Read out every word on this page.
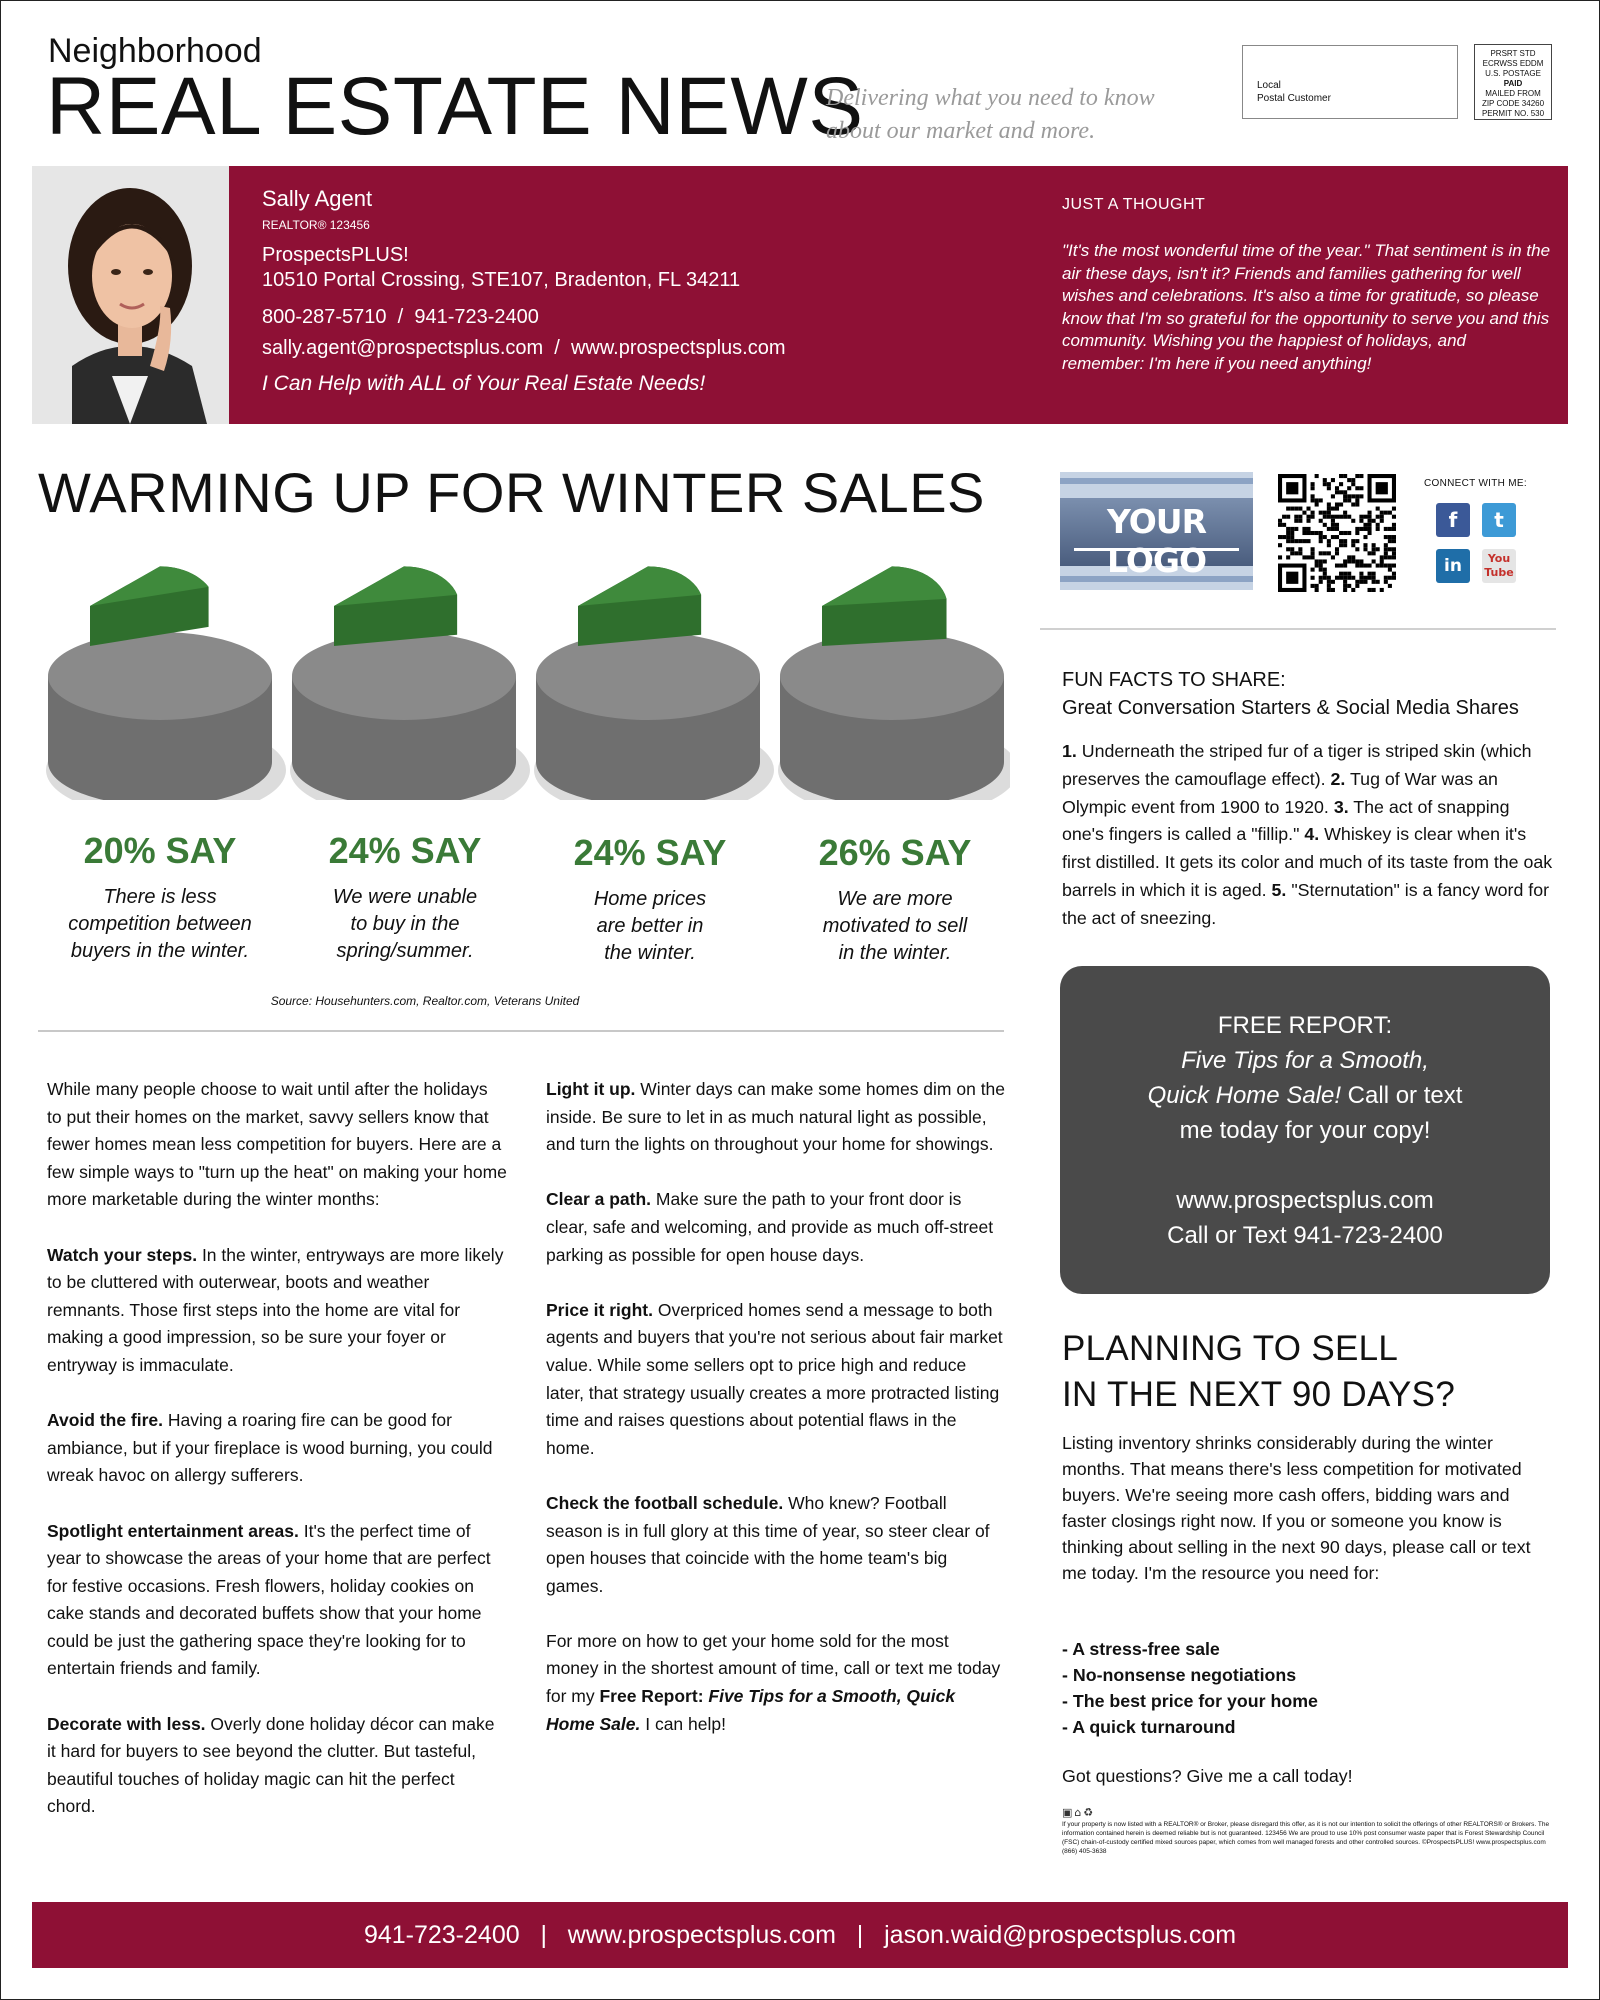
Neighborhood
REAL ESTATE NEWS
Delivering what you need to know
about our market and more.
Local
Postal Customer
PRSRT STD
ECRWSS EDDM
U.S. POSTAGE
PAID
MAILED FROM
ZIP CODE 34260
PERMIT NO. 530
Sally Agent
REALTOR® 123456
ProspectsPLUS!
10510 Portal Crossing, STE107, Bradenton, FL 34211
800-287-5710  /  941-723-2400
sally.agent@prospectsplus.com  /  www.prospectsplus.com
I Can Help with ALL of Your Real Estate Needs!
JUST A THOUGHT
"It's the most wonderful time of the year." That sentiment is in the air these days, isn't it? Friends and families gathering for well wishes and celebrations. It's also a time for gratitude, so please know that I'm so grateful for the opportunity to serve you and this community. Wishing you the happiest of holidays, and remember: I'm here if you need anything!
WARMING UP FOR WINTER SALES
20% SAY	24% SAY	24% SAY	26% SAY
There is less
competition between
buyers in the winter.
We were unable
to buy in the
spring/summer.
Home prices
are better in
the winter.
We are more
motivated to sell
in the winter.
Source: Househunters.com, Realtor.com, Veterans United

While many people choose to wait until after the holidays to put their homes on the market, savvy sellers know that fewer homes mean less competition for buyers. Here are a few simple ways to "turn up the heat" on making your home more marketable during the winter months:

Watch your steps. In the winter, entryways are more likely to be cluttered with outerwear, boots and weather remnants. Those first steps into the home are vital for making a good impression, so be sure your foyer or entryway is immaculate.

Avoid the fire. Having a roaring fire can be good for ambiance, but if your fireplace is wood burning, you could wreak havoc on allergy sufferers.

Spotlight entertainment areas. It's the perfect time of year to showcase the areas of your home that are perfect for festive occasions. Fresh flowers, holiday cookies on cake stands and decorated buffets show that your home could be just the gathering space they're looking for to entertain friends and family.

Decorate with less. Overly done holiday décor can make it hard for buyers to see beyond the clutter. But tasteful, beautiful touches of holiday magic can hit the perfect chord.

Light it up. Winter days can make some homes dim on the inside. Be sure to let in as much natural light as possible, and turn the lights on throughout your home for showings.

Clear a path. Make sure the path to your front door is clear, safe and welcoming, and provide as much off-street parking as possible for open house days.

Price it right. Overpriced homes send a message to both agents and buyers that you're not serious about fair market value. While some sellers opt to price high and reduce later, that strategy usually creates a more protracted listing time and raises questions about potential flaws in the home.

Check the football schedule. Who knew? Football season is in full glory at this time of year, so steer clear of open houses that coincide with the home team's big games.

For more on how to get your home sold for the most money in the shortest amount of time, call or text me today for my Free Report: Five Tips for a Smooth, Quick Home Sale. I can help!

YOUR LOGO
CONNECT WITH ME:
f	t
in	You
Tube
FUN FACTS TO SHARE:
Great Conversation Starters & Social Media Shares
1. Underneath the striped fur of a tiger is striped skin (which preserves the camouflage effect). 2. Tug of War was an Olympic event from 1900 to 1920. 3. The act of snapping one's fingers is called a "fillip." 4. Whiskey is clear when it's first distilled. It gets its color and much of its taste from the oak barrels in which it is aged. 5. "Sternutation" is a fancy word for the act of sneezing.
FREE REPORT:
Five Tips for a Smooth,
Quick Home Sale! Call or text
me today for your copy!
www.prospectsplus.com
Call or Text 941-723-2400
PLANNING TO SELL
IN THE NEXT 90 DAYS?
Listing inventory shrinks considerably during the winter months. That means there's less competition for motivated buyers. We're seeing more cash offers, bidding wars and faster closings right now. If you or someone you know is thinking about selling in the next 90 days, please call or text me today. I'm the resource you need for:
- A stress-free sale
- No-nonsense negotiations
- The best price for your home
- A quick turnaround
Got questions? Give me a call today!
▣⌂♻
If your property is now listed with a REALTOR® or Broker, please disregard this offer, as it is not our intention to solicit the offerings of other REALTORS® or Brokers. The information contained herein is deemed reliable but is not guaranteed. 123456 We are proud to use 10% post consumer waste paper that is Forest Stewardship Council (FSC) chain-of-custody certified mixed sources paper, which comes from well managed forests and other controlled sources. ©ProspectsPLUS! www.prospectsplus.com (866) 405-3638
941-723-2400   |   www.prospectsplus.com   |   jason.waid@prospectsplus.com
